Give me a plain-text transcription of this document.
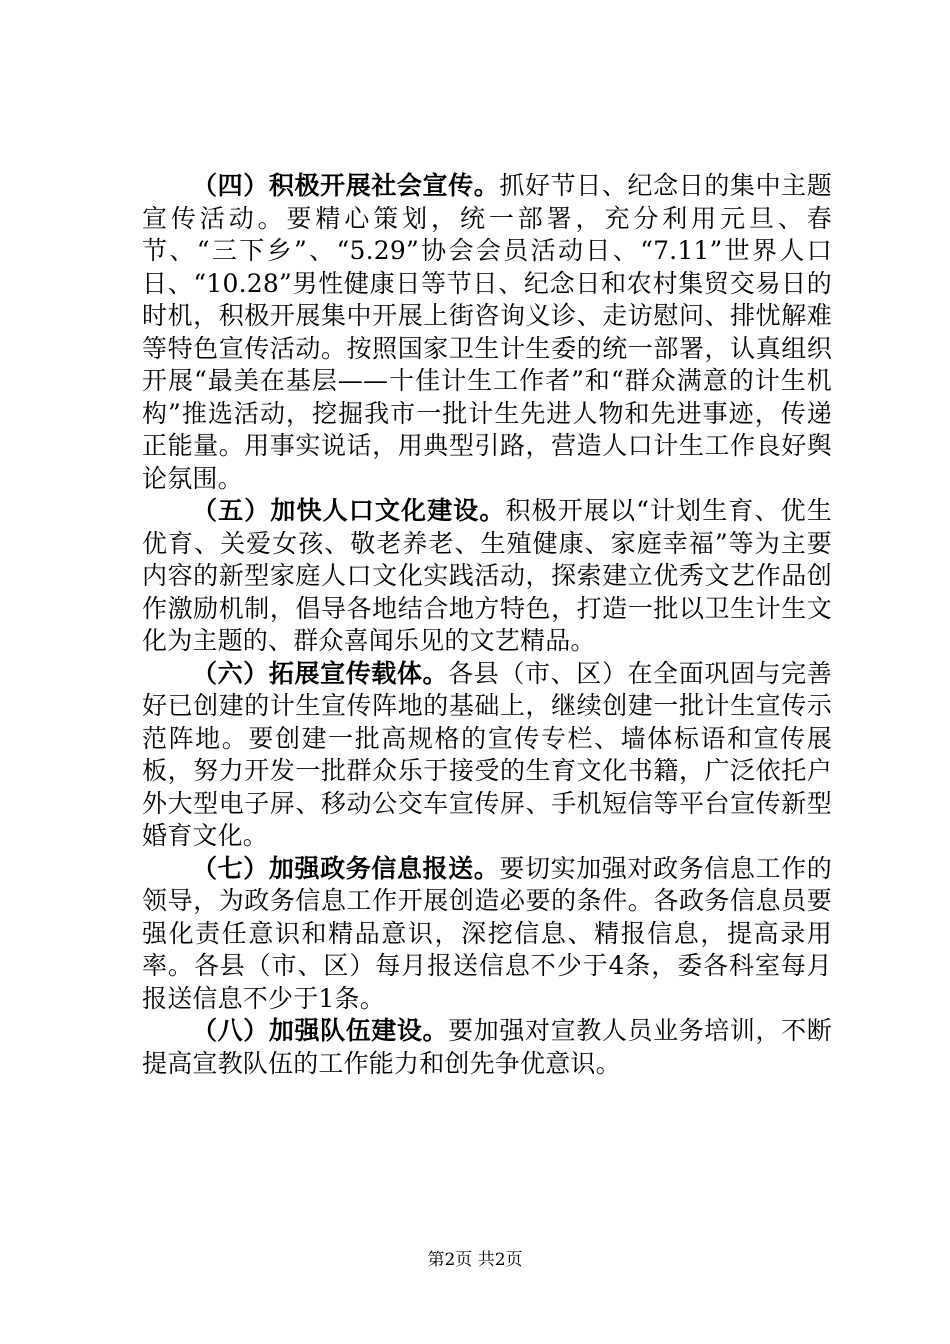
（四）积极开展社会宣传。抓好节日、纪念日的集中主题宣传活动。要精心策划，统一部署，充分利用元旦、春节、“三下乡”、“5.29”协会会员活动日、“7.11”世界人口日、“10.28”男性健康日等节日、纪念日和农村集贸交易日的时机，积极开展集中开展上街咨询义诊、走访慰问、排忧解难等特色宣传活动。按照国家卫生计生委的统一部署，认真组织开展“最美在基层——十佳计生工作者”和“群众满意的计生机构”推选活动，挖掘我市一批计生先进人物和先进事迹，传递正能量。用事实说话，用典型引路，营造人口计生工作良好舆论氛围。

（五）加快人口文化建设。积极开展以“计划生育、优生优育、关爱女孩、敬老养老、生殖健康、家庭幸福”等为主要内容的新型家庭人口文化实践活动，探索建立优秀文艺作品创作激励机制，倡导各地结合地方特色，打造一批以卫生计生文化为主题的、群众喜闻乐见的文艺精品。

（六）拓展宣传载体。各县（市、区）在全面巩固与完善好已创建的计生宣传阵地的基础上，继续创建一批计生宣传示范阵地。要创建一批高规格的宣传专栏、墙体标语和宣传展板，努力开发一批群众乐于接受的生育文化书籍，广泛依托户外大型电子屏、移动公交车宣传屏、手机短信等平台宣传新型婚育文化。

（七）加强政务信息报送。要切实加强对政务信息工作的领导，为政务信息工作开展创造必要的条件。各政务信息员要强化责任意识和精品意识，深挖信息、精报信息，提高录用率。各县（市、区）每月报送信息不少于4条，委各科室每月报送信息不少于1条。

（八）加强队伍建设。要加强对宣教人员业务培训，不断提高宣教队伍的工作能力和创先争优意识。

第2页 共2页
